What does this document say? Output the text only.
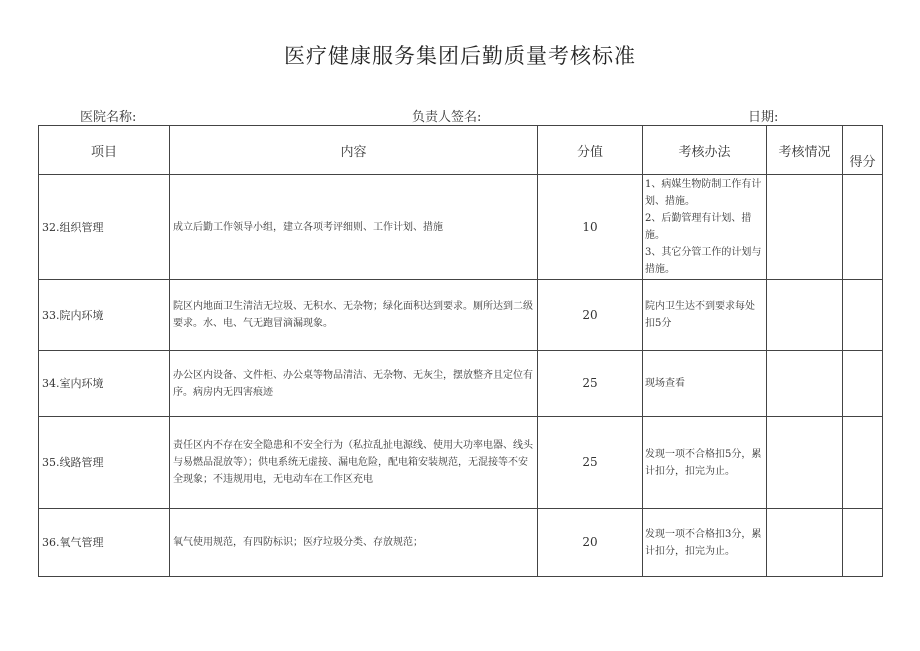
医疗健康服务集团后勤质量考核标准
医院名称:	负责人签名:	日期:
项目	内容	分值	考核办法	考核情况	得分
32.组织管理	成立后勤工作领导小组，建立各项考评细则、工作计划、措施	10	1、病媒生物防制工作有计划、措施。
2、后勤管理有计划、措施。
3、其它分管工作的计划与措施。		

33.院内环境	院区内地面卫生清洁无垃圾、无积水、无杂物；绿化面积达到要求。厕所达到二级要求。水、电、气无跑冒滴漏现象。	20	院内卫生达不到要求每处扣5分		

34.室内环境	办公区内设备、文件柜、办公桌等物品清洁、无杂物、无灰尘，摆放整齐且定位有序。病房内无四害痕迹	25	现场查看		

35.线路管理	责任区内不存在安全隐患和不安全行为（私拉乱扯电源线、使用大功率电器、线头与易燃品混放等）；供电系统无虚接、漏电危险，配电箱安装规范，无混接等不安全现象；不违规用电，无电动车在工作区充电	25	发现一项不合格扣5分，累计扣分，扣完为止。		

36.氧气管理	氧气使用规范，有四防标识；医疗垃圾分类、存放规范；	20	发现一项不合格扣3分，累计扣分，扣完为止。		
